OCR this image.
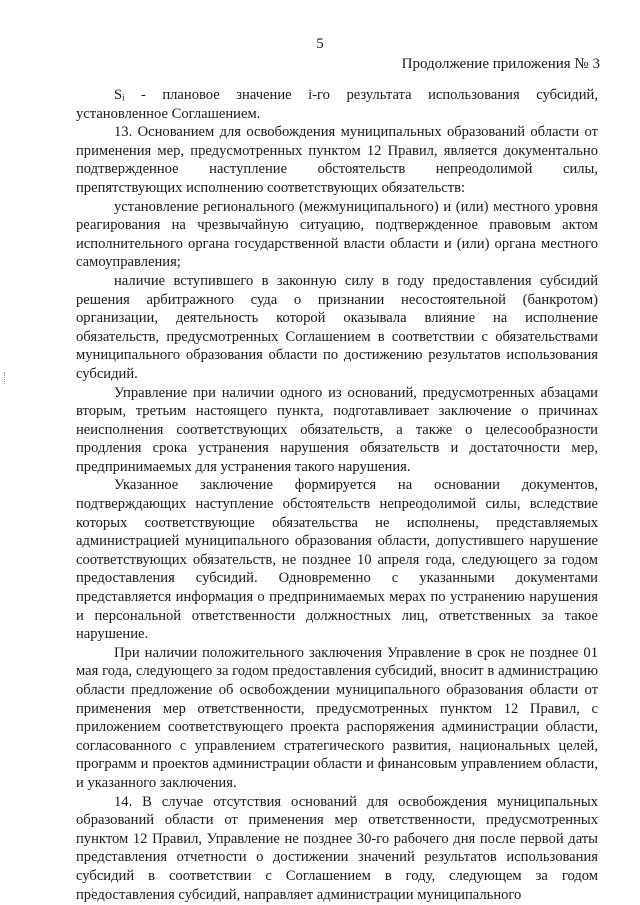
5
Продолжение приложения № 3

Sᵢ - плановое значение i-го результата использования субсидий, установленное Соглашением.

13. Основанием для освобождения муниципальных образований области от применения мер, предусмотренных пунктом 12 Правил, является документально подтвержденное наступление обстоятельств непреодолимой силы, препятствующих исполнению соответствующих обязательств:

установление регионального (межмуниципального) и (или) местного уровня реагирования на чрезвычайную ситуацию, подтвержденное правовым актом исполнительного органа государственной власти области и (или) органа местного самоуправления;

наличие вступившего в законную силу в году предоставления субсидий решения арбитражного суда о признании несостоятельной (банкротом) организации, деятельность которой оказывала влияние на исполнение обязательств, предусмотренных Соглашением в соответствии с обязательствами муниципального образования области по достижению результатов использования субсидий.

Управление при наличии одного из оснований, предусмотренных абзацами вторым, третьим настоящего пункта, подготавливает заключение о причинах неисполнения соответствующих обязательств, а также о целесообразности продления срока устранения нарушения обязательств и достаточности мер, предпринимаемых для устранения такого нарушения.

Указанное заключение формируется на основании документов, подтверждающих наступление обстоятельств непреодолимой силы, вследствие которых соответствующие обязательства не исполнены, представляемых администрацией муниципального образования области, допустившего нарушение соответствующих обязательств, не позднее 10 апреля года, следующего за годом предоставления субсидий. Одновременно с указанными документами представляется информация о предпринимаемых мерах по устранению нарушения и персональной ответственности должностных лиц, ответственных за такое нарушение.

При наличии положительного заключения Управление в срок не позднее 01 мая года, следующего за годом предоставления субсидий, вносит в администрацию области предложение об освобождении муниципального образования области от применения мер ответственности, предусмотренных пунктом 12 Правил, с приложением соответствующего проекта распоряжения администрации области, согласованного с управлением стратегического развития, национальных целей, программ и проектов администрации области и финансовым управлением области, и указанного заключения.

14. В случае отсутствия оснований для освобождения муниципальных образований области от применения мер ответственности, предусмотренных пунктом 12 Правил, Управление не позднее 30-го рабочего дня после первой даты представления отчетности о достижении значений результатов использования субсидий в соответствии с Соглашением в году, следующем за годом предоставления субсидий, направляет администрации муниципального
